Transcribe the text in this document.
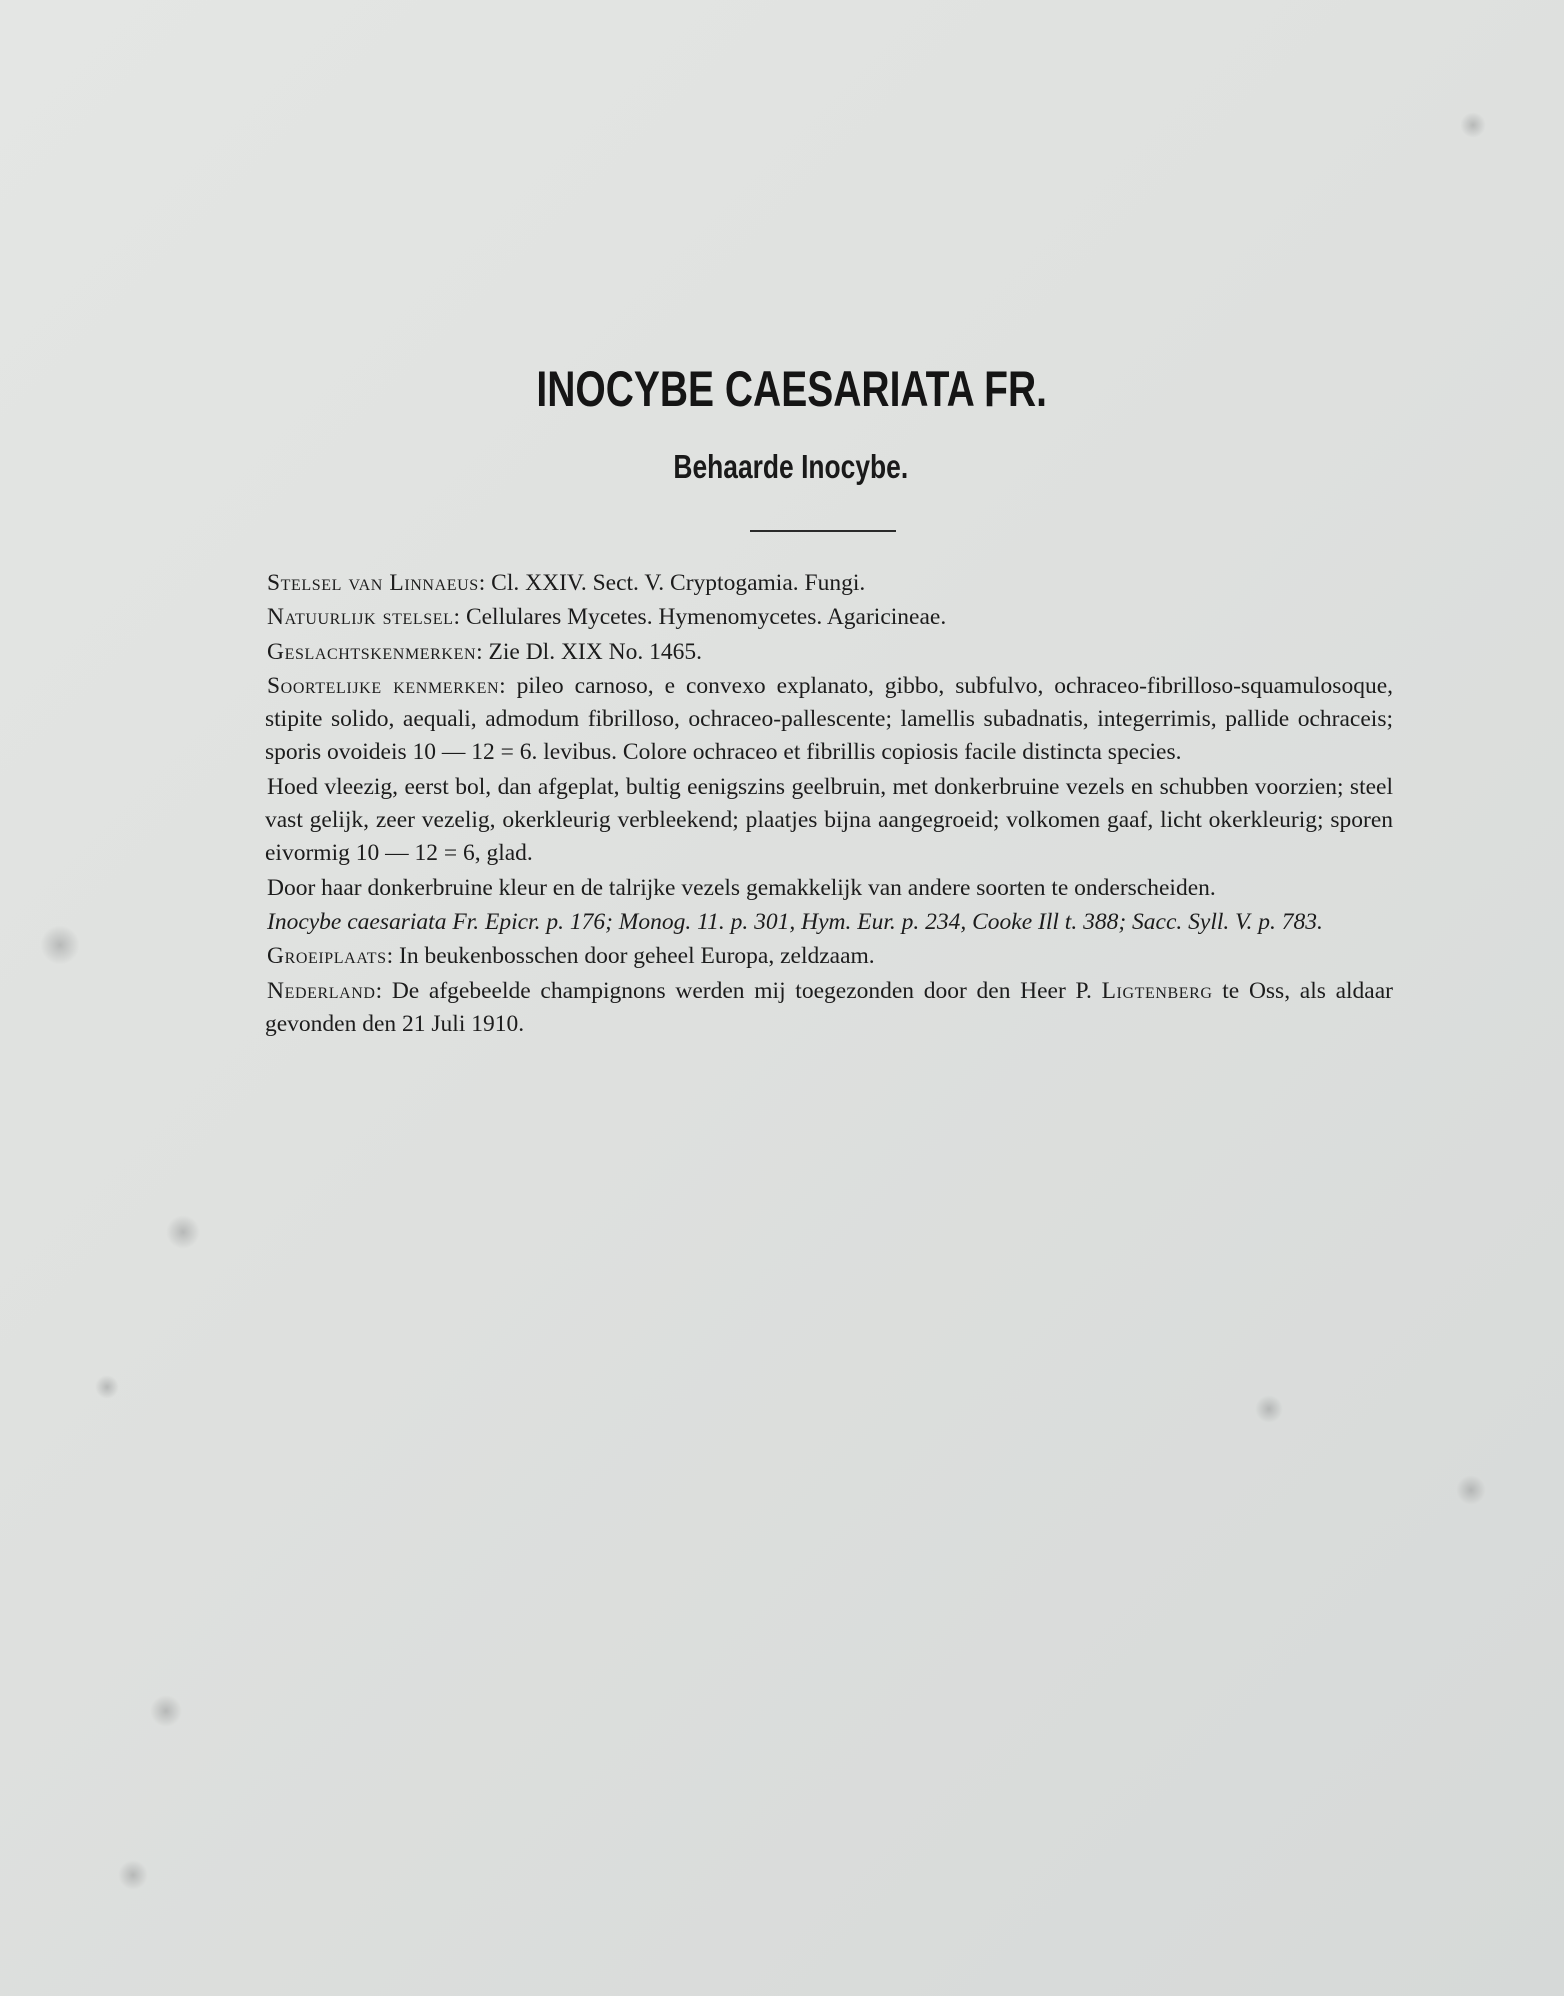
INOCYBE CAESARIATA FR.
Behaarde Inocybe.

Stelsel van Linnaeus: Cl. XXIV. Sect. V. Cryptogamia. Fungi.

Natuurlijk stelsel: Cellulares Mycetes. Hymenomycetes. Agaricineae.

Geslachtskenmerken: Zie Dl. XIX No. 1465.

Soortelijke kenmerken: pileo carnoso, e convexo explanato, gibbo, subfulvo, ochraceo-fibrilloso-squamulosoque, stipite solido, aequali, admodum fibrilloso, ochraceo-pallescente; lamellis subadnatis, integerrimis, pallide ochraceis; sporis ovoideis 10 — 12 = 6. levibus. Colore ochraceo et fibrillis copiosis facile distincta species.

Hoed vleezig, eerst bol, dan afgeplat, bultig eenigszins geelbruin, met donkerbruine vezels en schubben voorzien; steel vast gelijk, zeer vezelig, okerkleurig verbleekend; plaatjes bijna aangegroeid; volkomen gaaf, licht okerkleurig; sporen eivormig 10 — 12 = 6, glad.

Door haar donkerbruine kleur en de talrijke vezels gemakkelijk van andere soorten te onderscheiden.

Inocybe caesariata Fr. Epicr. p. 176; Monog. 11. p. 301, Hym. Eur. p. 234, Cooke Ill t. 388; Sacc. Syll. V. p. 783.

Groeiplaats: In beukenbosschen door geheel Europa, zeldzaam.

Nederland: De afgebeelde champignons werden mij toegezonden door den Heer P. Ligtenberg te Oss, als aldaar gevonden den 21 Juli 1910.
